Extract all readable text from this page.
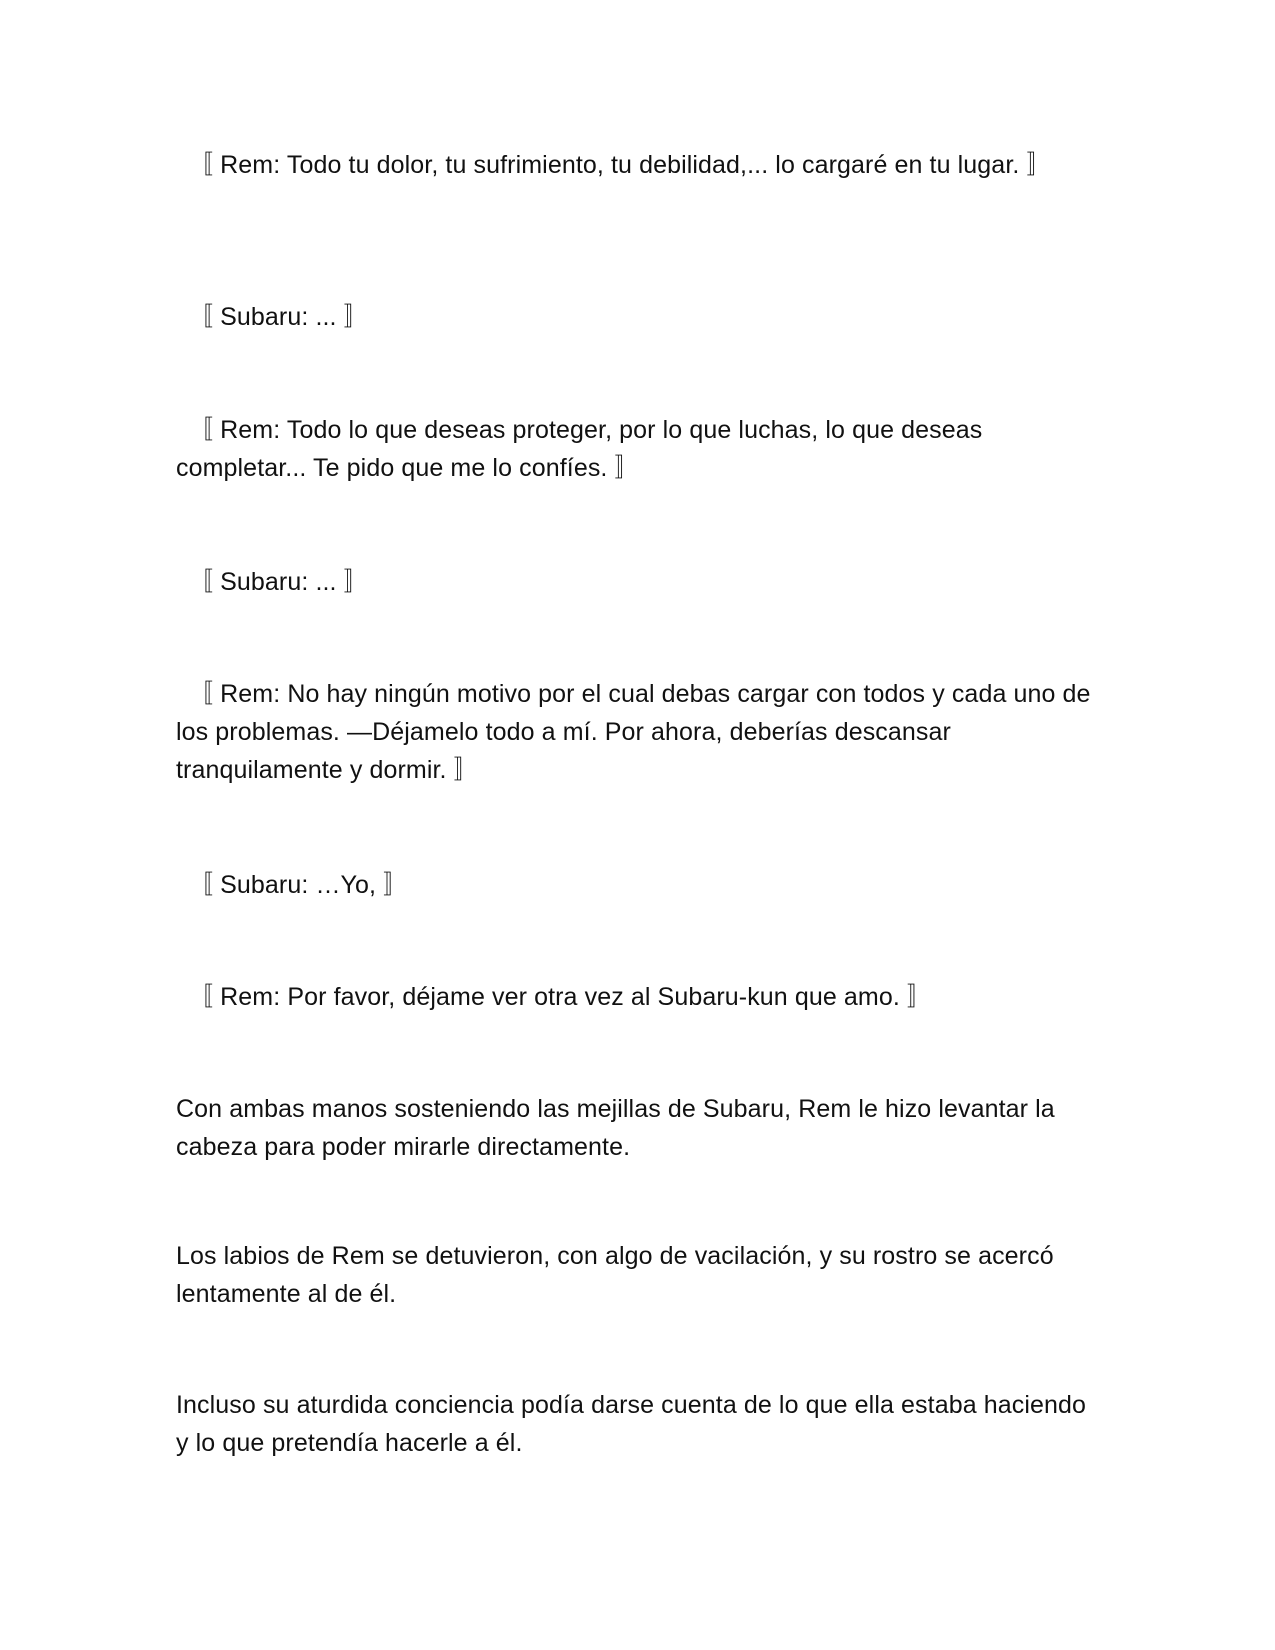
〚 Rem: Todo tu dolor, tu sufrimiento, tu debilidad,... lo cargaré en tu lugar. 〛

〚 Subaru: ... 〛

〚 Rem: Todo lo que deseas proteger, por lo que luchas, lo que deseas completar... Te pido que me lo confíes. 〛

〚 Subaru: ... 〛

〚 Rem: No hay ningún motivo por el cual debas cargar con todos y cada uno de los problemas. —Déjamelo todo a mí. Por ahora, deberías descansar tranquilamente y dormir. 〛

〚 Subaru: …Yo, 〛

〚 Rem: Por favor, déjame ver otra vez al Subaru-kun que amo. 〛

Con ambas manos sosteniendo las mejillas de Subaru, Rem le hizo levantar la cabeza para poder mirarle directamente.

Los labios de Rem se detuvieron, con algo de vacilación, y su rostro se acercó lentamente al de él.

Incluso su aturdida conciencia podía darse cuenta de lo que ella estaba haciendo y lo que pretendía hacerle a él.
